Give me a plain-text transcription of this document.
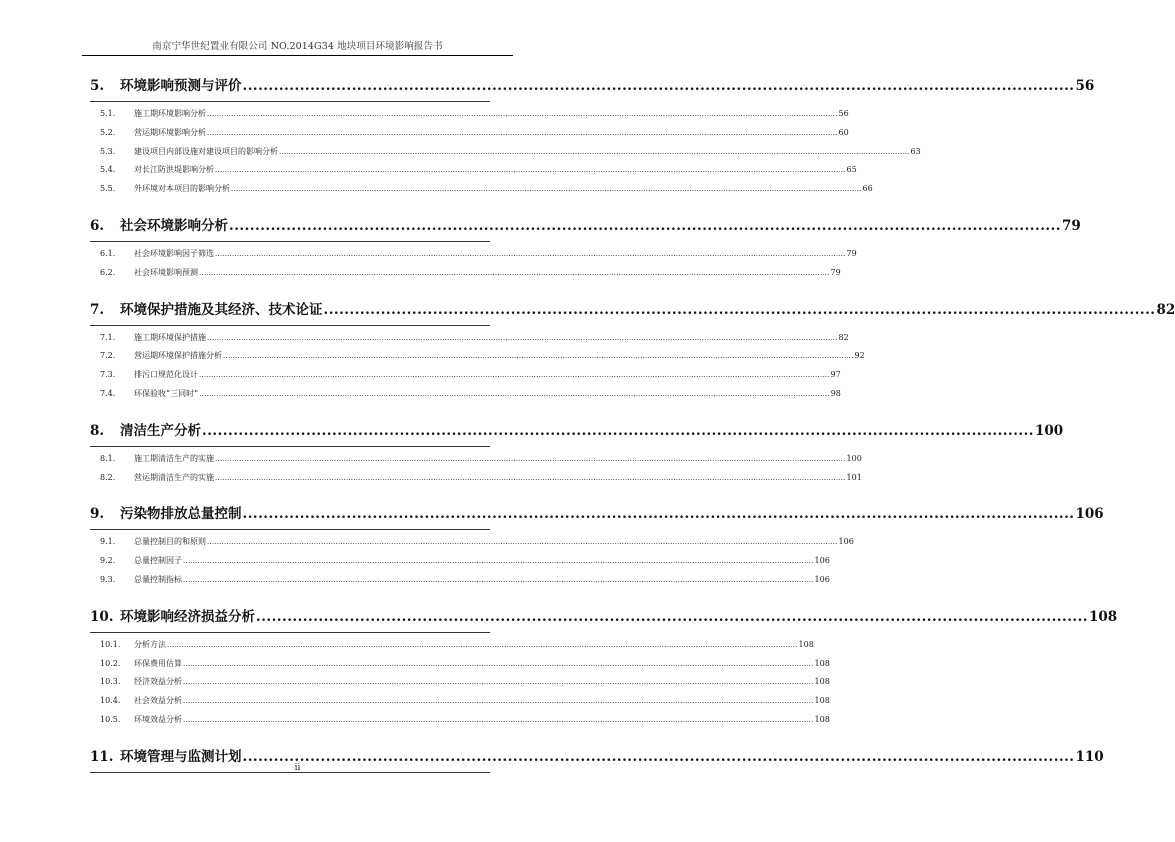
南京宁华世纪置业有限公司 NO.2014G34 地块项目环境影响报告书
5.	环境影响预测与评价 ................................................................................................................................................................ 56
5.1.	施工期环境影响分析 .................................................................................................................................................................................................................................................................... 56
5.2.	营运期环境影响分析 .................................................................................................................................................................................................................................................................... 60
5.3.	建设项目内部设施对建设项目的影响分析 .................................................................................................................................................................................................................................................................... 63
5.4.	对长江防洪堤影响分析 .................................................................................................................................................................................................................................................................... 65
5.5.	外环境对本项目的影响分析 .................................................................................................................................................................................................................................................................... 66
6.	社会环境影响分析 ................................................................................................................................................................ 79
6.1.	社会环境影响因子筛选 .................................................................................................................................................................................................................................................................... 79
6.2.	社会环境影响预测 .................................................................................................................................................................................................................................................................... 79
7.	环境保护措施及其经济、技术论证 ................................................................................................................................................................ 82
7.1.	施工期环境保护措施 .................................................................................................................................................................................................................................................................... 82
7.2.	营运期环境保护措施分析 .................................................................................................................................................................................................................................................................... 92
7.3.	排污口规范化设计 .................................................................................................................................................................................................................................................................... 97
7.4.	环保验收“三同时” .................................................................................................................................................................................................................................................................... 98
8.	清洁生产分析 ................................................................................................................................................................ 100
8.1.	施工期清洁生产的实施 .................................................................................................................................................................................................................................................................... 100
8.2.	营运期清洁生产的实施 .................................................................................................................................................................................................................................................................... 101
9.	污染物排放总量控制 ................................................................................................................................................................ 106
9.1.	总量控制目的和原则 .................................................................................................................................................................................................................................................................... 106
9.2.	总量控制因子 .................................................................................................................................................................................................................................................................... 106
9.3.	总量控制指标 .................................................................................................................................................................................................................................................................... 106
10. 环境影响经济损益分析 ................................................................................................................................................................ 108
10.1.	分析方法 .................................................................................................................................................................................................................................................................... 108
10.2.	环保费用估算 .................................................................................................................................................................................................................................................................... 108
10.3.	经济效益分析 .................................................................................................................................................................................................................................................................... 108
10.4.	社会效益分析 .................................................................................................................................................................................................................................................................... 108
10.5.	环境效益分析 .................................................................................................................................................................................................................................................................... 108
11. 环境管理与监测计划 ................................................................................................................................................................ 110
ii
